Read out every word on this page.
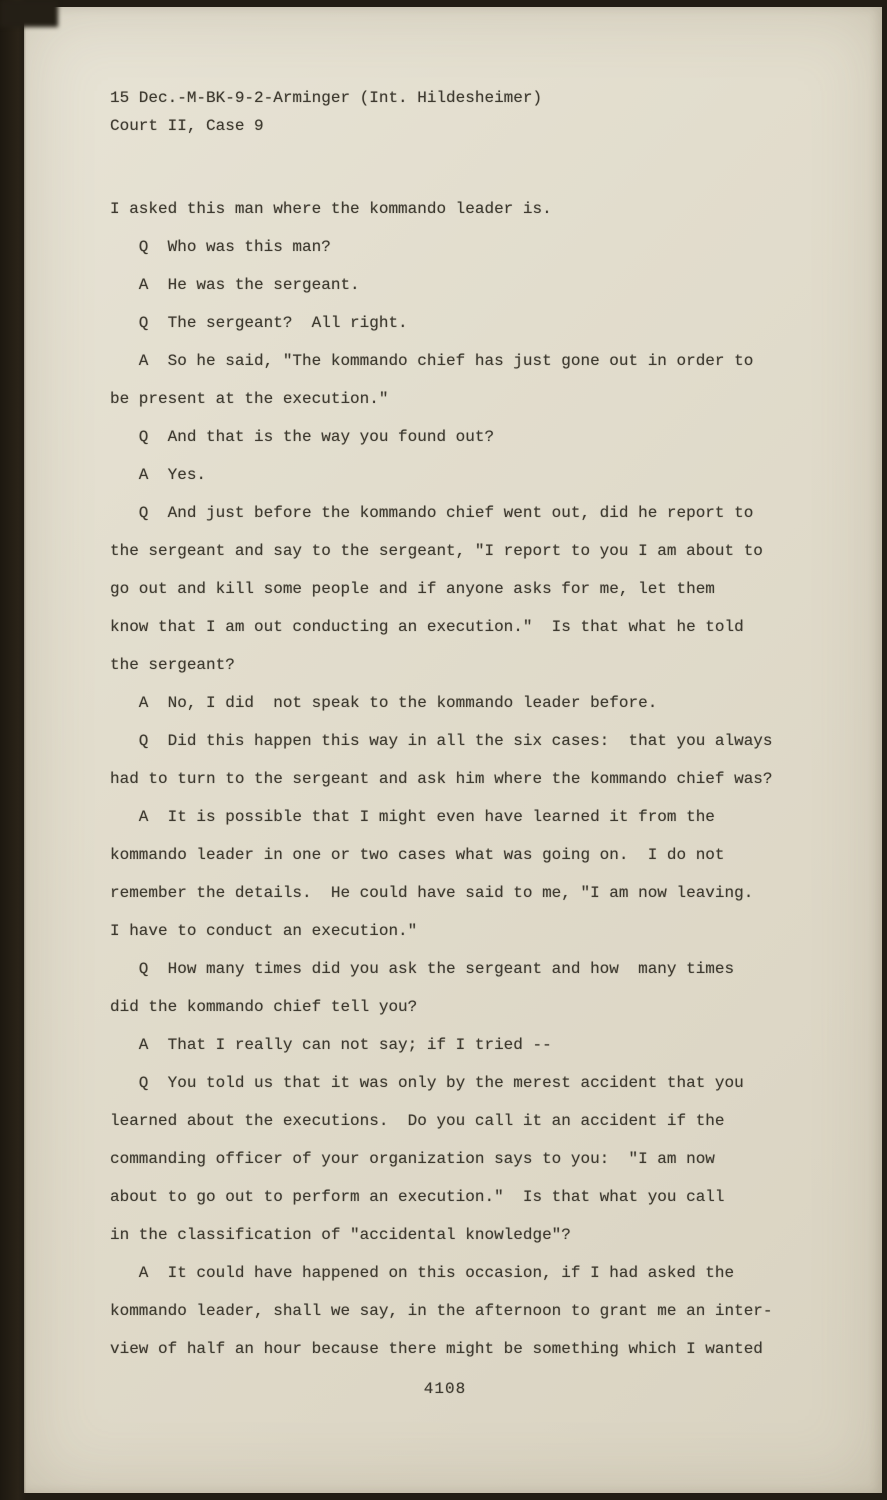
15 Dec.-M-BK-9-2-Arminger (Int. Hildesheimer)
Court II, Case 9
I asked this man where the kommando leader is.
Q  Who was this man?
A  He was the sergeant.
Q  The sergeant?  All right.
A  So he said, "The kommando chief has just gone out in order to
be present at the execution."
Q  And that is the way you found out?
A  Yes.
Q  And just before the kommando chief went out, did he report to
the sergeant and say to the sergeant, "I report to you I am about to
go out and kill some people and if anyone asks for me, let them
know that I am out conducting an execution."  Is that what he told
the sergeant?
A  No, I did  not speak to the kommando leader before.
Q  Did this happen this way in all the six cases:  that you always
had to turn to the sergeant and ask him where the kommando chief was?
A  It is possible that I might even have learned it from the
kommando leader in one or two cases what was going on.  I do not
remember the details.  He could have said to me, "I am now leaving.
I have to conduct an execution."
Q  How many times did you ask the sergeant and how  many times
did the kommando chief tell you?
A  That I really can not say; if I tried --
Q  You told us that it was only by the merest accident that you
learned about the executions.  Do you call it an accident if the
commanding officer of your organization says to you:  "I am now
about to go out to perform an execution."  Is that what you call
in the classification of "accidental knowledge"?
A  It could have happened on this occasion, if I had asked the
kommando leader, shall we say, in the afternoon to grant me an inter-
view of half an hour because there might be something which I wanted
4108
